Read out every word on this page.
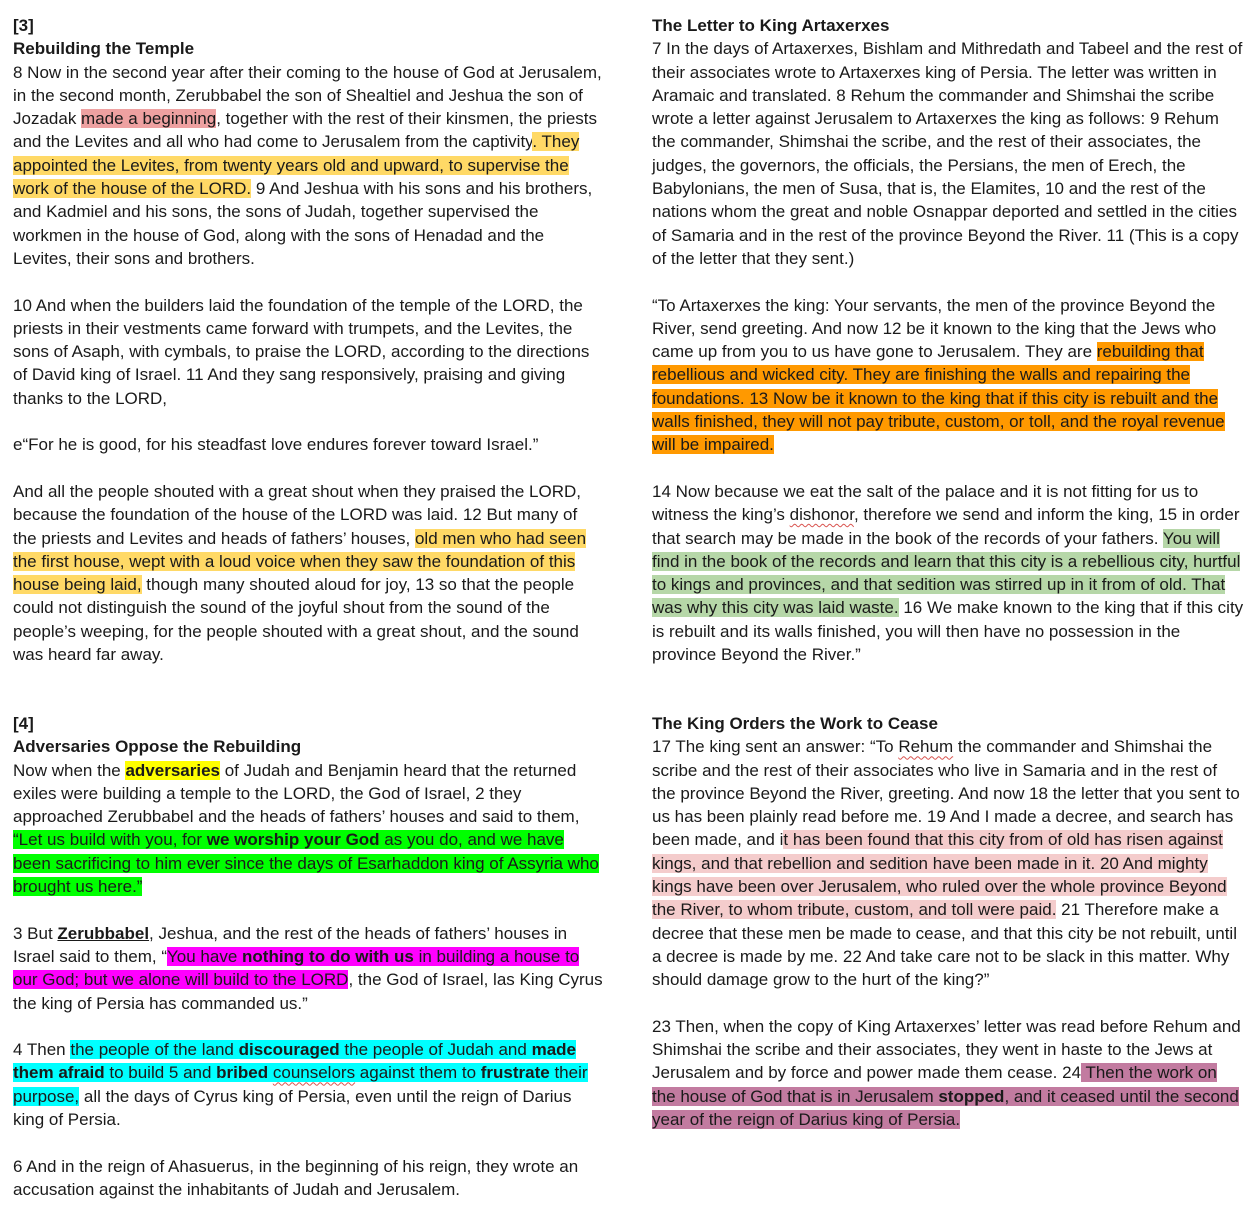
[3]

Rebuilding the Temple

8 Now in the second year after their coming to the house of God at Jerusalem, in the second month, Zerubbabel the son of Shealtiel and Jeshua the son of Jozadak made a beginning, together with the rest of their kinsmen, the priests and the Levites and all who had come to Jerusalem from the captivity. They appointed the Levites, from twenty years old and upward, to supervise the work of the house of the LORD. 9 And Jeshua with his sons and his brothers, and Kadmiel and his sons, the sons of Judah, together supervised the workmen in the house of God, along with the sons of Henadad and the Levites, their sons and brothers.

10 And when the builders laid the foundation of the temple of the LORD, the priests in their vestments came forward with trumpets, and the Levites, the sons of Asaph, with cymbals, to praise the LORD, according to the directions of David king of Israel. 11 And they sang responsively, praising and giving thanks to the LORD,

e“For he is good, for his steadfast love endures forever toward Israel.”

And all the people shouted with a great shout when they praised the LORD, because the foundation of the house of the LORD was laid. 12 But many of the priests and Levites and heads of fathers’ houses, old men who had seen the first house, wept with a loud voice when they saw the foundation of this house being laid, though many shouted aloud for joy, 13 so that the people could not distinguish the sound of the joyful shout from the sound of the people’s weeping, for the people shouted with a great shout, and the sound was heard far away.

The Letter to King Artaxerxes

7 In the days of Artaxerxes, Bishlam and Mithredath and Tabeel and the rest of their associates wrote to Artaxerxes king of Persia. The letter was written in Aramaic and translated. 8 Rehum the commander and Shimshai the scribe wrote a letter against Jerusalem to Artaxerxes the king as follows: 9 Rehum the commander, Shimshai the scribe, and the rest of their associates, the judges, the governors, the officials, the Persians, the men of Erech, the Babylonians, the men of Susa, that is, the Elamites, 10 and the rest of the nations whom the great and noble Osnappar deported and settled in the cities of Samaria and in the rest of the province Beyond the River. 11 (This is a copy of the letter that they sent.)

“To Artaxerxes the king: Your servants, the men of the province Beyond the River, send greeting. And now 12 be it known to the king that the Jews who came up from you to us have gone to Jerusalem. They are rebuilding that rebellious and wicked city. They are finishing the walls and repairing the foundations. 13 Now be it known to the king that if this city is rebuilt and the walls finished, they will not pay tribute, custom, or toll, and the royal revenue will be impaired.

14 Now because we eat the salt of the palace and it is not fitting for us to witness the king’s dishonor, therefore we send and inform the king, 15 in order that search may be made in the book of the records of your fathers. You will find in the book of the records and learn that this city is a rebellious city, hurtful to kings and provinces, and that sedition was stirred up in it from of old. That was why this city was laid waste. 16 We make known to the king that if this city is rebuilt and its walls finished, you will then have no possession in the province Beyond the River.”

[4]

Adversaries Oppose the Rebuilding

Now when the adversaries of Judah and Benjamin heard that the returned exiles were building a temple to the LORD, the God of Israel, 2 they approached Zerubbabel and the heads of fathers’ houses and said to them, “Let us build with you, for we worship your God as you do, and we have been sacrificing to him ever since the days of Esarhaddon king of Assyria who brought us here.”

3 But Zerubbabel, Jeshua, and the rest of the heads of fathers’ houses in Israel said to them, “You have nothing to do with us in building a house to our God; but we alone will build to the LORD, the God of Israel, las King Cyrus the king of Persia has commanded us.”

4 Then the people of the land discouraged the people of Judah and made them afraid to build 5 and bribed counselors against them to frustrate their purpose, all the days of Cyrus king of Persia, even until the reign of Darius king of Persia.

6 And in the reign of Ahasuerus, in the beginning of his reign, they wrote an accusation against the inhabitants of Judah and Jerusalem.

The King Orders the Work to Cease

17 The king sent an answer: “To Rehum the commander and Shimshai the scribe and the rest of their associates who live in Samaria and in the rest of the province Beyond the River, greeting. And now 18 the letter that you sent to us has been plainly read before me. 19 And I made a decree, and search has been made, and it has been found that this city from of old has risen against kings, and that rebellion and sedition have been made in it. 20 And mighty kings have been over Jerusalem, who ruled over the whole province Beyond the River, to whom tribute, custom, and toll were paid. 21 Therefore make a decree that these men be made to cease, and that this city be not rebuilt, until a decree is made by me. 22 And take care not to be slack in this matter. Why should damage grow to the hurt of the king?”

23 Then, when the copy of King Artaxerxes’ letter was read before Rehum and Shimshai the scribe and their associates, they went in haste to the Jews at Jerusalem and by force and power made them cease. 24 Then the work on the house of God that is in Jerusalem stopped, and it ceased until the second year of the reign of Darius king of Persia.
